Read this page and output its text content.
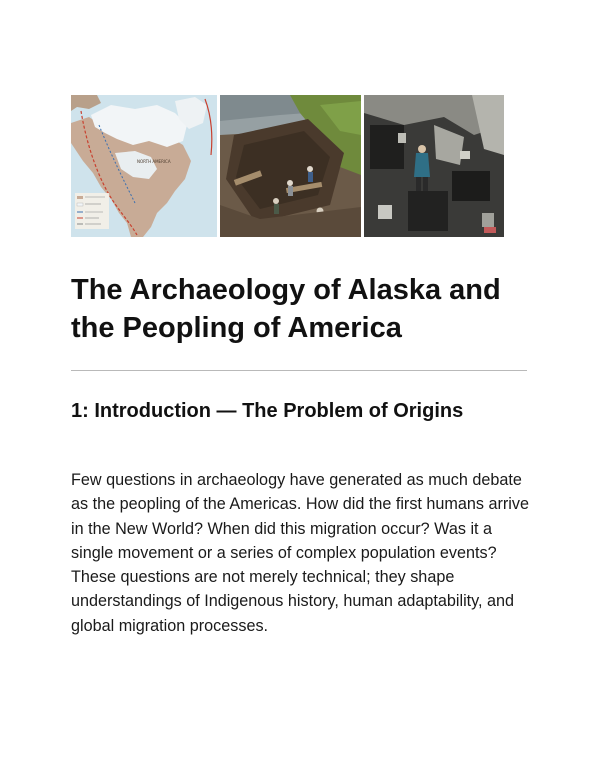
NORTH AMERICA
The Archaeology of Alaska and the Peopling of America
1: Introduction — The Problem of Origins

Few questions in archaeology have generated as much debate as the peopling of the Americas. How did the first humans arrive in the New World? When did this migration occur? Was it a single movement or a series of complex population events? These questions are not merely technical; they shape understandings of Indigenous history, human adaptability, and global migration processes.
